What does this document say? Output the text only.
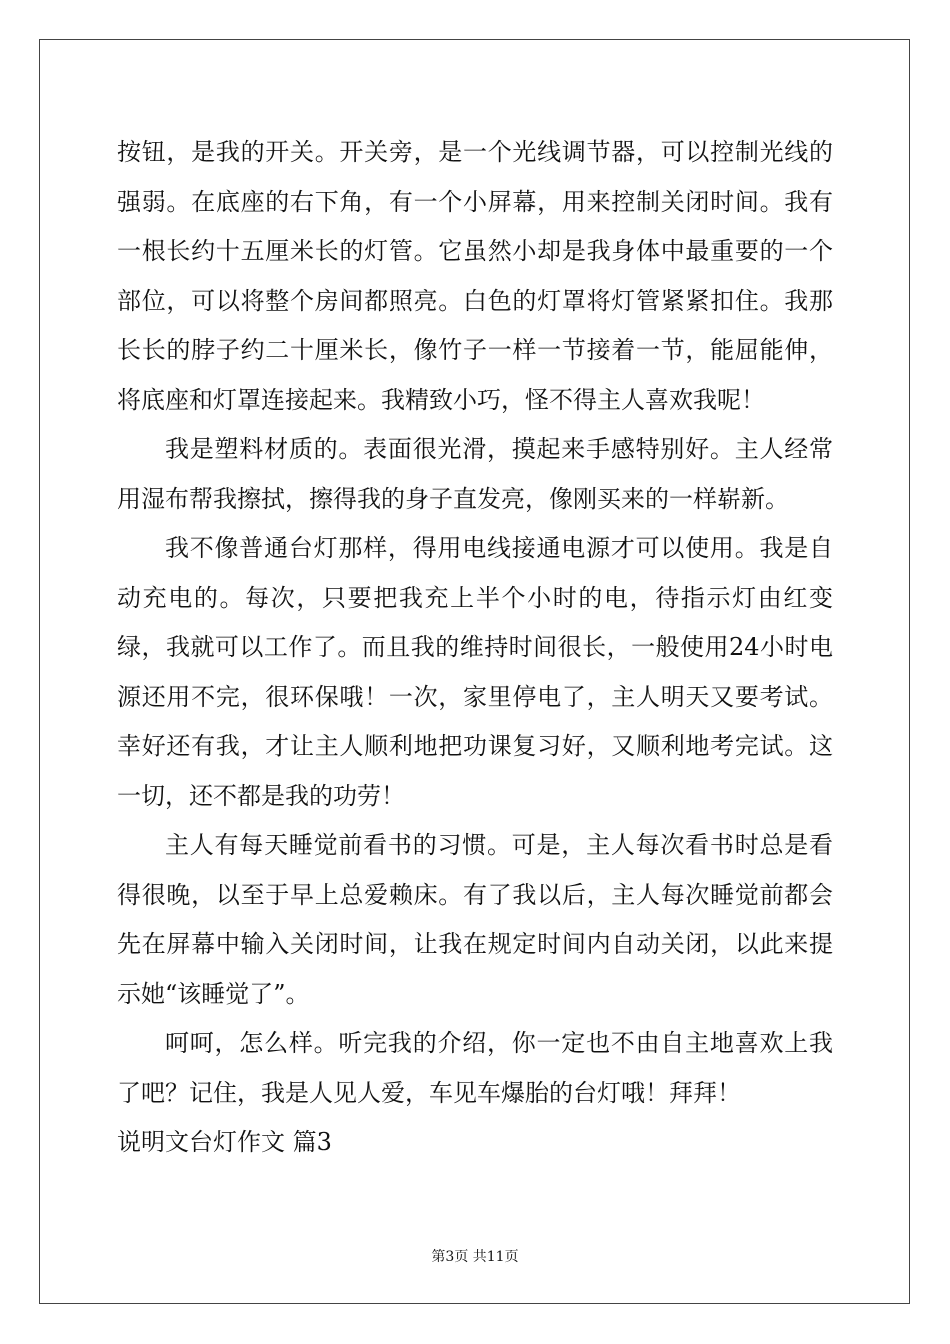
按钮，是我的开关。开关旁，是一个光线调节器，可以控制光线的强弱。在底座的右下角，有一个小屏幕，用来控制关闭时间。我有一根长约十五厘米长的灯管。它虽然小却是我身体中最重要的一个部位，可以将整个房间都照亮。白色的灯罩将灯管紧紧扣住。我那长长的脖子约二十厘米长，像竹子一样一节接着一节，能屈能伸，将底座和灯罩连接起来。我精致小巧，怪不得主人喜欢我呢！

我是塑料材质的。表面很光滑，摸起来手感特别好。主人经常用湿布帮我擦拭，擦得我的身子直发亮，像刚买来的一样崭新。

我不像普通台灯那样，得用电线接通电源才可以使用。我是自动充电的。每次，只要把我充上半个小时的电，待指示灯由红变绿，我就可以工作了。而且我的维持时间很长，一般使用24小时电源还用不完，很环保哦！一次，家里停电了，主人明天又要考试。幸好还有我，才让主人顺利地把功课复习好，又顺利地考完试。这一切，还不都是我的功劳！

主人有每天睡觉前看书的习惯。可是，主人每次看书时总是看得很晚，以至于早上总爱赖床。有了我以后，主人每次睡觉前都会先在屏幕中输入关闭时间，让我在规定时间内自动关闭，以此来提示她“该睡觉了”。

呵呵，怎么样。听完我的介绍，你一定也不由自主地喜欢上我了吧？记住，我是人见人爱，车见车爆胎的台灯哦！拜拜！

说明文台灯作文 篇3
第3页 共11页
